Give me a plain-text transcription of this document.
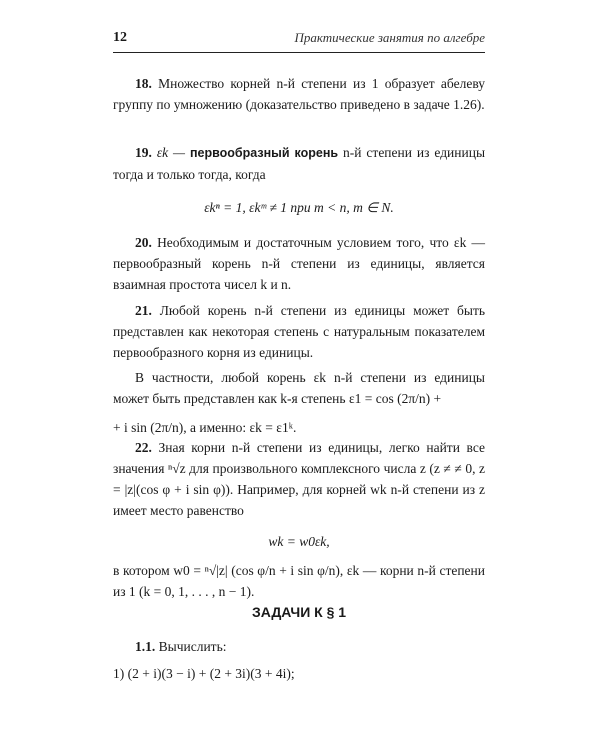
12	Практические занятия по алгебре

18. Множество корней n-й степени из 1 образует абелеву группу по умножению (доказательство приведено в задаче 1.26).

19. εk — первообразный корень n-й степени из единицы тогда и только тогда, когда

εkⁿ = 1, εkᵐ ≠ 1 при m < n, m ∈ N.

20. Необходимым и достаточным условием того, что εk — первообразный корень n-й степени из единицы, является взаимная простота чисел k и n.

21. Любой корень n-й степени из единицы может быть представлен как некоторая степень с натуральным показателем первообразного корня из единицы.

В частности, любой корень εk n-й степени из единицы может быть представлен как k-я степень ε1 = cos (2π/n) +

+ i sin (2π/n), а именно: εk = ε1ᵏ.

22. Зная корни n-й степени из единицы, легко найти все значения ⁿ√z для произвольного комплексного числа z (z ≠ ≠ 0, z = |z|(cos φ + i sin φ)). Например, для корней wk n-й степени из z имеет место равенство

wk = w0εk,

в котором w0 = ⁿ√|z| (cos φ/n + i sin φ/n), εk — корни n-й степени из 1 (k = 0, 1, . . . , n − 1).

ЗАДАЧИ К § 1

1.1. Вычислить:

1) (2 + i)(3 − i) + (2 + 3i)(3 + 4i);
